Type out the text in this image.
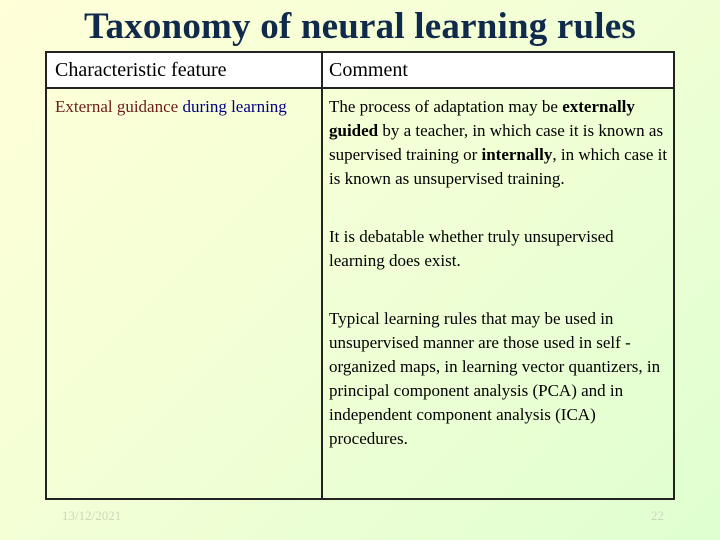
Taxonomy of neural learning rules
Characteristic feature	Comment
External guidance during learning	The process of adaptation may be externally guided by a teacher, in which case it is known as supervised training or internally, in which case it is known as unsupervised training.

It is debatable whether truly unsupervised learning does exist.

Typical learning rules that may be used in unsupervised manner are those used in self -organized maps, in learning vector quantizers, in principal component analysis (PCA) and in independent component analysis (ICA) procedures.

13/12/2021	22
